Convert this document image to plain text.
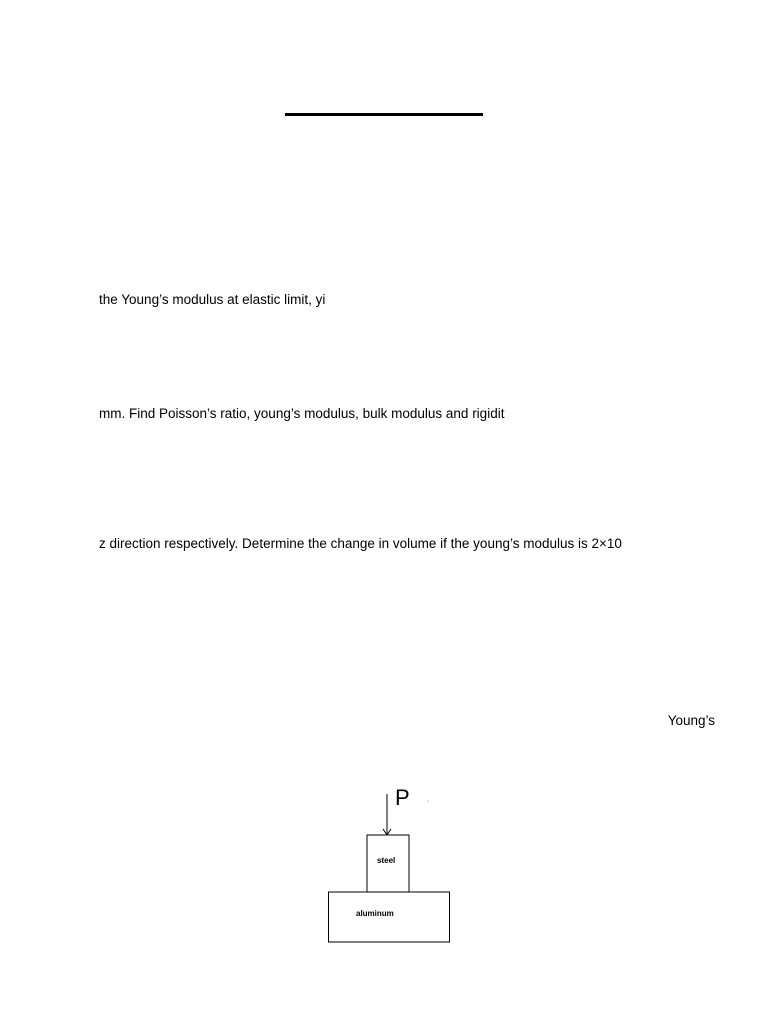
the Young’s modulus at elastic limit, yi
mm. Find Poisson’s ratio, young’s modulus, bulk modulus and rigidit
z direction respectively. Determine the change in volume if the young’s modulus is 2×10
Young’s
P
steel
aluminum
